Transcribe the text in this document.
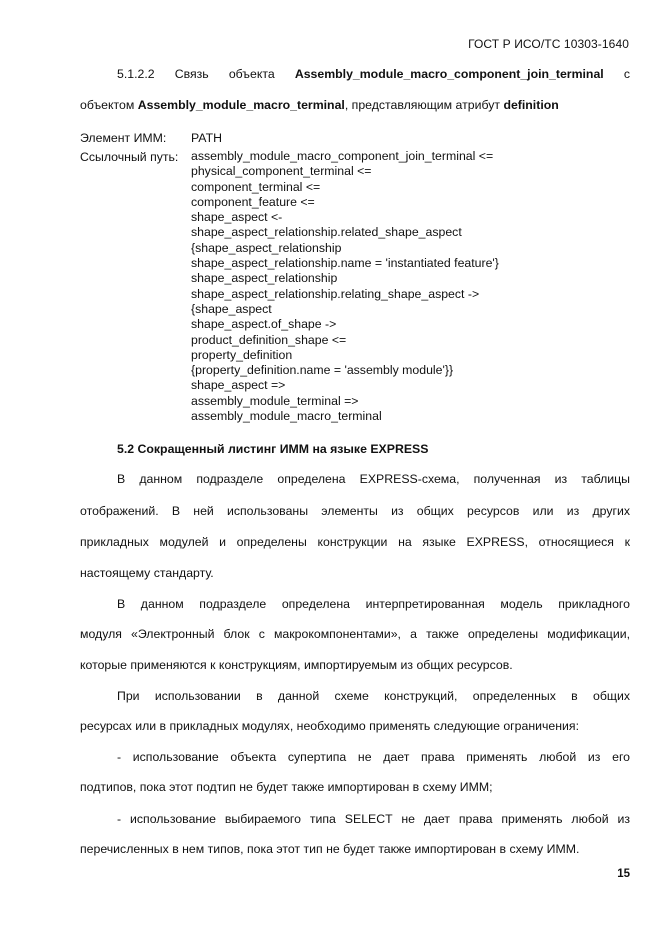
ГОСТ Р ИСО/ТС 10303-1640
5.1.2.2 Связь объекта Assembly_module_macro_component_join_terminal с
объектом Assembly_module_macro_terminal, представляющим атрибут definition
Элемент ИММ: PATH
Ссылочный путь: assembly_module_macro_component_join_terminal <=
physical_component_terminal <=
component_terminal <=
component_feature <=
shape_aspect <-
shape_aspect_relationship.related_shape_aspect
{shape_aspect_relationship
shape_aspect_relationship.name = 'instantiated feature'}
shape_aspect_relationship
shape_aspect_relationship.relating_shape_aspect ->
{shape_aspect
shape_aspect.of_shape ->
product_definition_shape <=
property_definition
{property_definition.name = 'assembly module'}}
shape_aspect =>
assembly_module_terminal =>
assembly_module_macro_terminal
5.2 Сокращенный листинг ИММ на языке EXPRESS
В данном подразделе определена EXPRESS-схема, полученная из таблицы
отображений. В ней использованы элементы из общих ресурсов или из других
прикладных модулей и определены конструкции на языке EXPRESS, относящиеся к
настоящему стандарту.
В данном подразделе определена интерпретированная модель прикладного
модуля «Электронный блок с макрокомпонентами», а также определены модификации,
которые применяются к конструкциям, импортируемым из общих ресурсов.
При использовании в данной схеме конструкций, определенных в общих
ресурсах или в прикладных модулях, необходимо применять следующие ограничения:
- использование объекта супертипа не дает права применять любой из его
подтипов, пока этот подтип не будет также импортирован в схему ИММ;
- использование выбираемого типа SELECT не дает права применять любой из
перечисленных в нем типов, пока этот тип не будет также импортирован в схему ИММ.
15
